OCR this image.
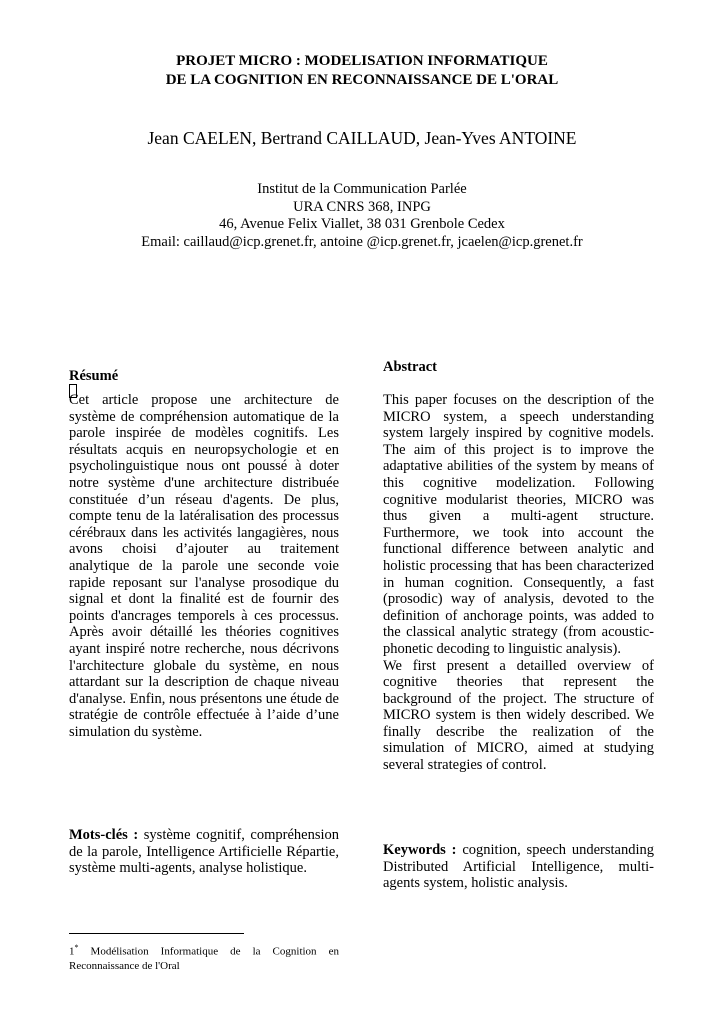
PROJET MICRO : MODELISATION INFORMATIQUE
DE LA COGNITION EN RECONNAISSANCE DE L'ORAL
Jean CAELEN, Bertrand CAILLAUD, Jean-Yves ANTOINE
Institut de la Communication Parlée
URA CNRS 368, INPG
46, Avenue Felix Viallet, 38 031 Grenbole Cedex
Email: caillaud@icp.grenet.fr, antoine @icp.grenet.fr, jcaelen@icp.grenet.fr
Résumé
Cet article propose une architecture de système de compréhension automatique de la parole inspirée de modèles cognitifs. Les résultats acquis en neuropsychologie et en psycholinguistique nous ont poussé à doter notre système d'une architecture distribuée constituée d’un réseau d'agents. De plus, compte tenu de la latéralisation des processus cérébraux dans les activités langagières, nous avons choisi d’ajouter au traitement analytique de la parole une seconde voie rapide reposant sur l'analyse prosodique du signal et dont la finalité est de fournir des points d'ancrages temporels à ces processus. Après avoir détaillé les théories cognitives ayant inspiré notre recherche, nous décrivons l'architecture globale du système, en nous attardant sur la description de chaque niveau d'analyse. Enfin, nous présentons une étude de stratégie de contrôle effectuée à l’aide d’une simulation du système.
Abstract
This paper focuses on the description of the MICRO system, a speech understanding system largely inspired by cognitive models. The aim of this project is to improve the adaptative abilities of the system by means of this cognitive modelization. Following cognitive modularist theories, MICRO was thus given a multi-agent structure. Furthermore, we took into account the functional difference between analytic and holistic processing that has been characterized in human cognition. Consequently, a fast (prosodic) way of analysis, devoted to the definition of anchorage points, was added to the classical analytic strategy (from acoustic-phonetic decoding to linguistic analysis).
We first present a detailled overview of cognitive theories that represent the background of the project. The structure of MICRO system is then widely described. We finally describe the realization of the simulation of MICRO, aimed at studying several strategies of control.
Mots-clés : système cognitif, compréhension de la parole, Intelligence Artificielle Répartie, système multi-agents, analyse holistique.
Keywords : cognition, speech understanding Distributed Artificial Intelligence, multi-agents system, holistic analysis.
1* Modélisation Informatique de la Cognition en Reconnaissance de l'Oral
